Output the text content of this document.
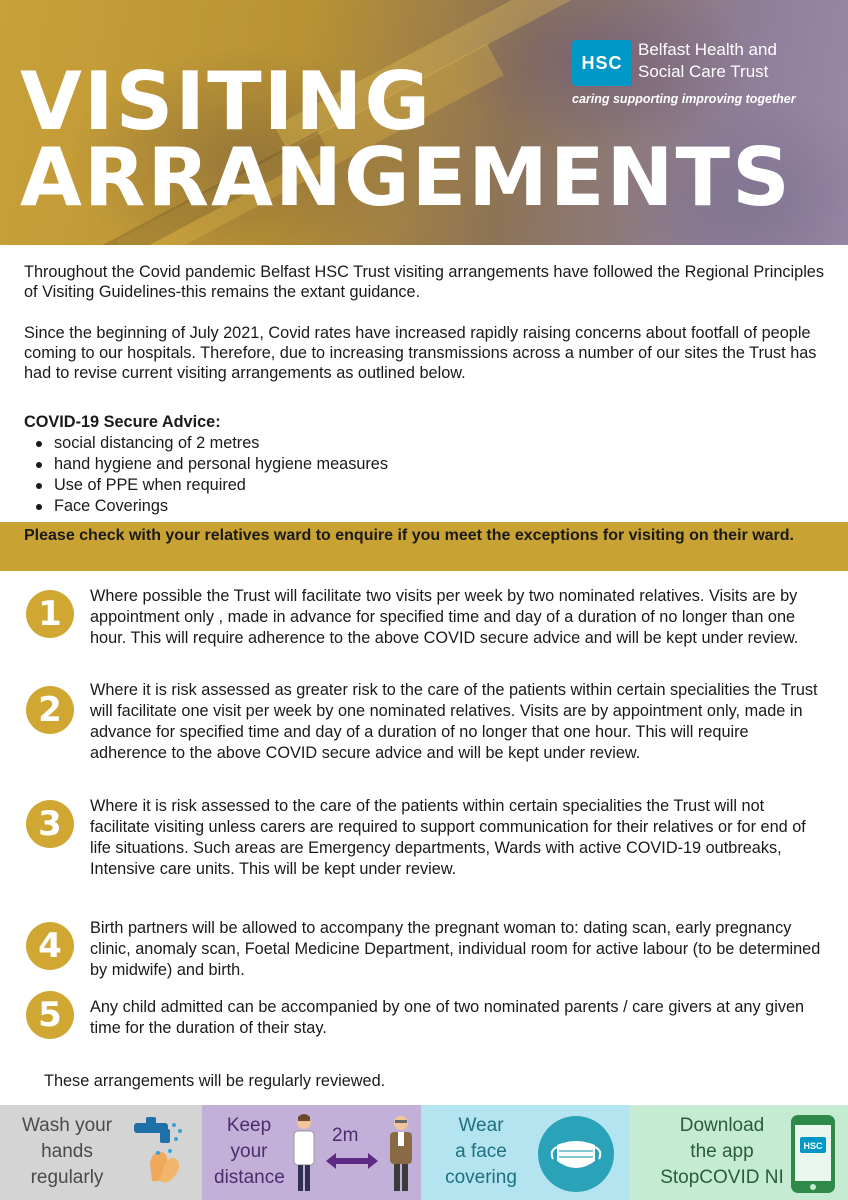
VISITING
ARRANGEMENTS
HSC
Belfast Health and
Social Care Trust
caring supporting improving together

Throughout the Covid pandemic Belfast HSC Trust visiting arrangements have followed the Regional Principles of Visiting Guidelines-this remains the extant guidance.

Since the beginning of July 2021, Covid rates have increased rapidly raising concerns about footfall of people coming to our hospitals. Therefore, due to increasing transmissions across a number of our sites the Trust has had to revise current visiting arrangements as outlined below.

COVID-19 Secure Advice:
social distancing of 2 metres
hand hygiene and personal hygiene measures
Use of PPE when required
Face Coverings
Please check with your relatives ward to enquire if you meet the exceptions for visiting on their ward.
1	Where possible the Trust will facilitate two visits per week by two nominated relatives. Visits are by appointment only , made in advance for specified time and day of a duration of no longer than one hour. This will require adherence to the above COVID secure advice and will be kept under review.
2	Where it is risk assessed as greater risk to the care of the patients within certain specialities the Trust will facilitate one visit per week by one nominated relatives. Visits are by appointment only, made in advance for specified time and day of a duration of no longer that one hour. This will require adherence to the above COVID secure advice and will be kept under review.
3	Where it is risk assessed to the care of the patients within certain specialities the Trust will not facilitate visiting unless carers are required to support communication for their relatives or for end of life situations. Such areas are Emergency departments, Wards with active COVID-19 outbreaks, Intensive care units. This will be kept under review.
4	Birth partners will be allowed to accompany the pregnant woman to: dating scan, early pregnancy clinic, anomaly scan, Foetal Medicine Department, individual room for active labour (to be determined by midwife) and birth.
5	Any child admitted can be accompanied by one of two nominated parents / care givers at any given time for the duration of their stay.
These arrangements will be regularly reviewed.
Wash your
hands
regularly
Keep
your
distance
2m	Wear
a face
covering
Download
the app
StopCOVID NI
HSC
